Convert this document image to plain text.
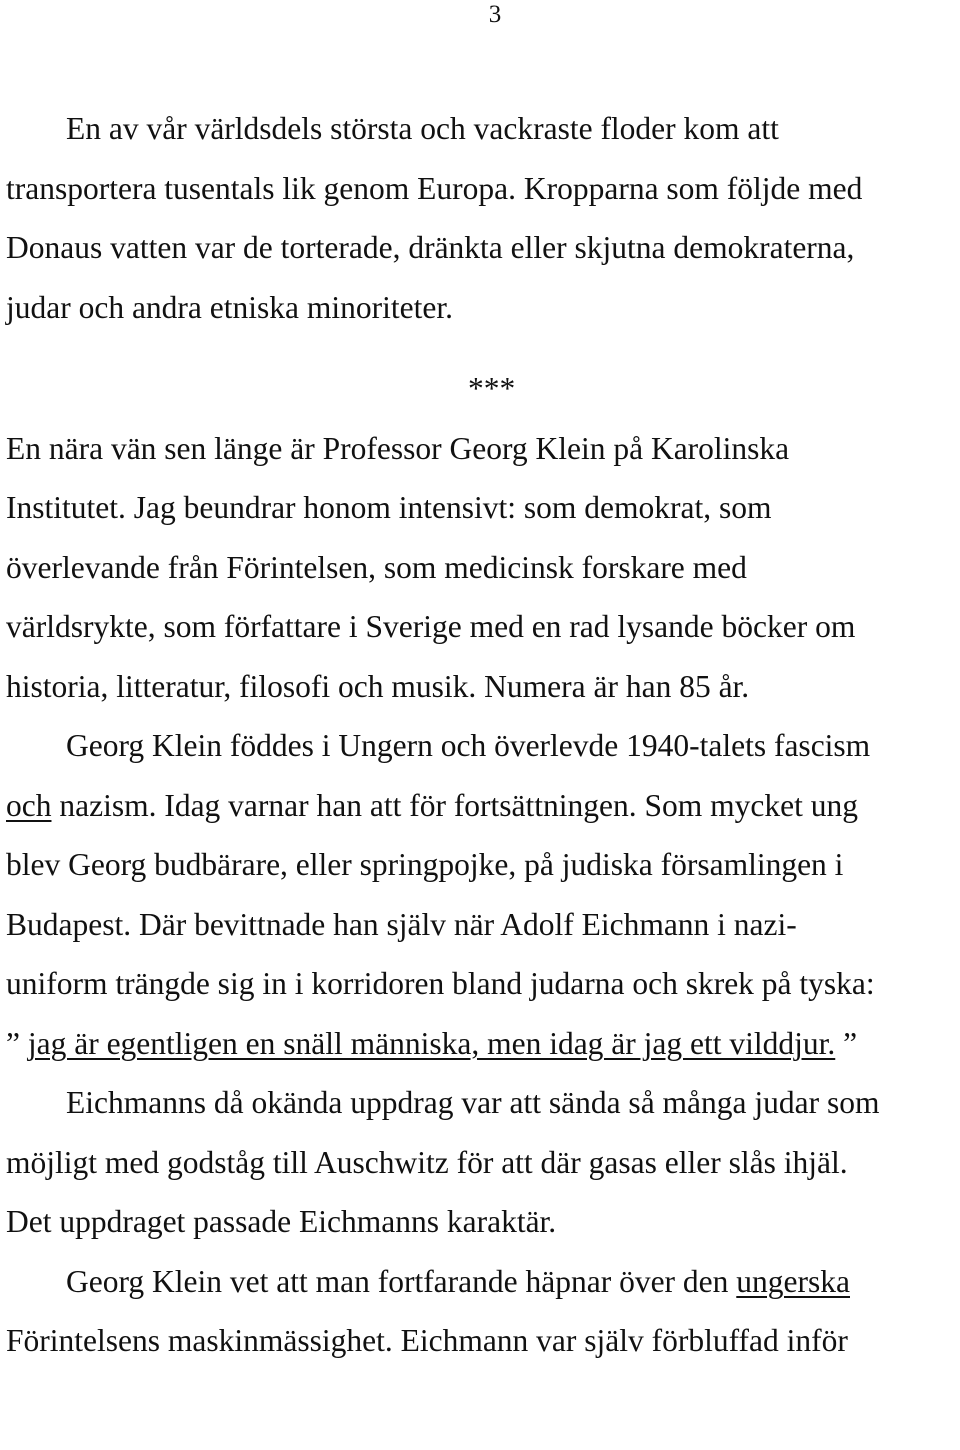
3
En av vår världsdels största och vackraste floder kom att
transportera tusentals lik genom Europa. Kropparna som följde med
Donaus vatten var de torterade, dränkta eller skjutna demokraterna,
judar och andra etniska minoriteter.
***
En nära vän sen länge är Professor Georg Klein på Karolinska
Institutet. Jag beundrar honom intensivt: som demokrat, som
överlevande från Förintelsen, som medicinsk forskare med
världsrykte, som författare i Sverige med en rad lysande böcker om
historia, litteratur, filosofi och musik. Numera är han 85 år.
Georg Klein föddes i Ungern och överlevde 1940-talets fascism
och nazism. Idag varnar han att för fortsättningen. Som mycket ung
blev Georg budbärare, eller springpojke, på judiska församlingen i
Budapest. Där bevittnade han själv när Adolf Eichmann i nazi-
uniform trängde sig in i korridoren bland judarna och skrek på tyska:
” jag är egentligen en snäll människa, men idag är jag ett vilddjur. ”
Eichmanns då okända uppdrag var att sända så många judar som
möjligt med godståg till Auschwitz för att där gasas eller slås ihjäl.
Det uppdraget passade Eichmanns karaktär.
Georg Klein vet att man fortfarande häpnar över den ungerska
Förintelsens maskinmässighet. Eichmann var själv förbluffad inför
